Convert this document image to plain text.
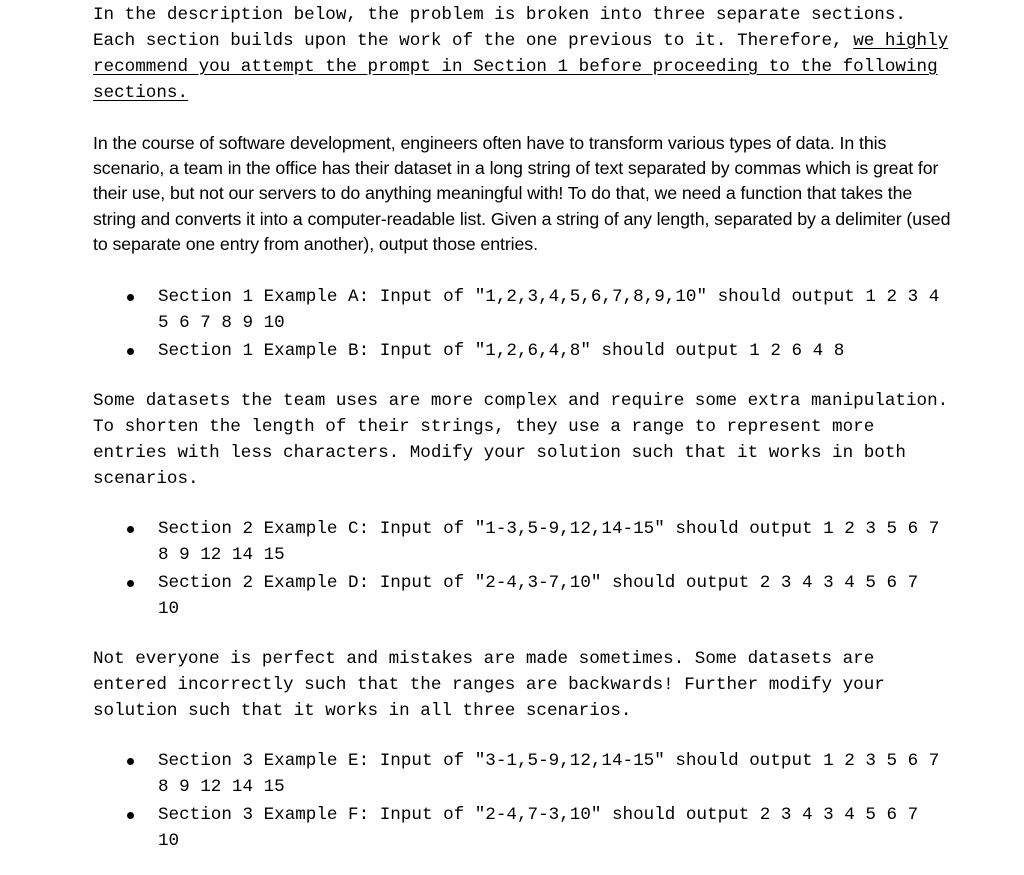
In the description below, the problem is broken into three separate sections. Each section builds upon the work of the one previous to it. Therefore, we highly recommend you attempt the prompt in Section 1 before proceeding to the following sections.

In the course of software development, engineers often have to transform various types of data. In this scenario, a team in the office has their dataset in a long string of text separated by commas which is great for their use, but not our servers to do anything meaningful with! To do that, we need a function that takes the string and converts it into a computer-readable list. Given a string of any length, separated by a delimiter (used to separate one entry from another), output those entries.

Section 1 Example A: Input of "1,2,3,4,5,6,7,8,9,10" should output 1 2 3 4 5 6 7 8 9 10
Section 1 Example B: Input of "1,2,6,4,8" should output 1 2 6 4 8

Some datasets the team uses are more complex and require some extra manipulation. To shorten the length of their strings, they use a range to represent more entries with less characters. Modify your solution such that it works in both scenarios.

Section 2 Example C: Input of "1-3,5-9,12,14-15" should output 1 2 3 5 6 7 8 9 12 14 15
Section 2 Example D: Input of "2-4,3-7,10" should output 2 3 4 3 4 5 6 7 10

Not everyone is perfect and mistakes are made sometimes. Some datasets are entered incorrectly such that the ranges are backwards! Further modify your solution such that it works in all three scenarios.

Section 3 Example E: Input of "3-1,5-9,12,14-15" should output 1 2 3 5 6 7 8 9 12 14 15
Section 3 Example F: Input of "2-4,7-3,10" should output 2 3 4 3 4 5 6 7 10
